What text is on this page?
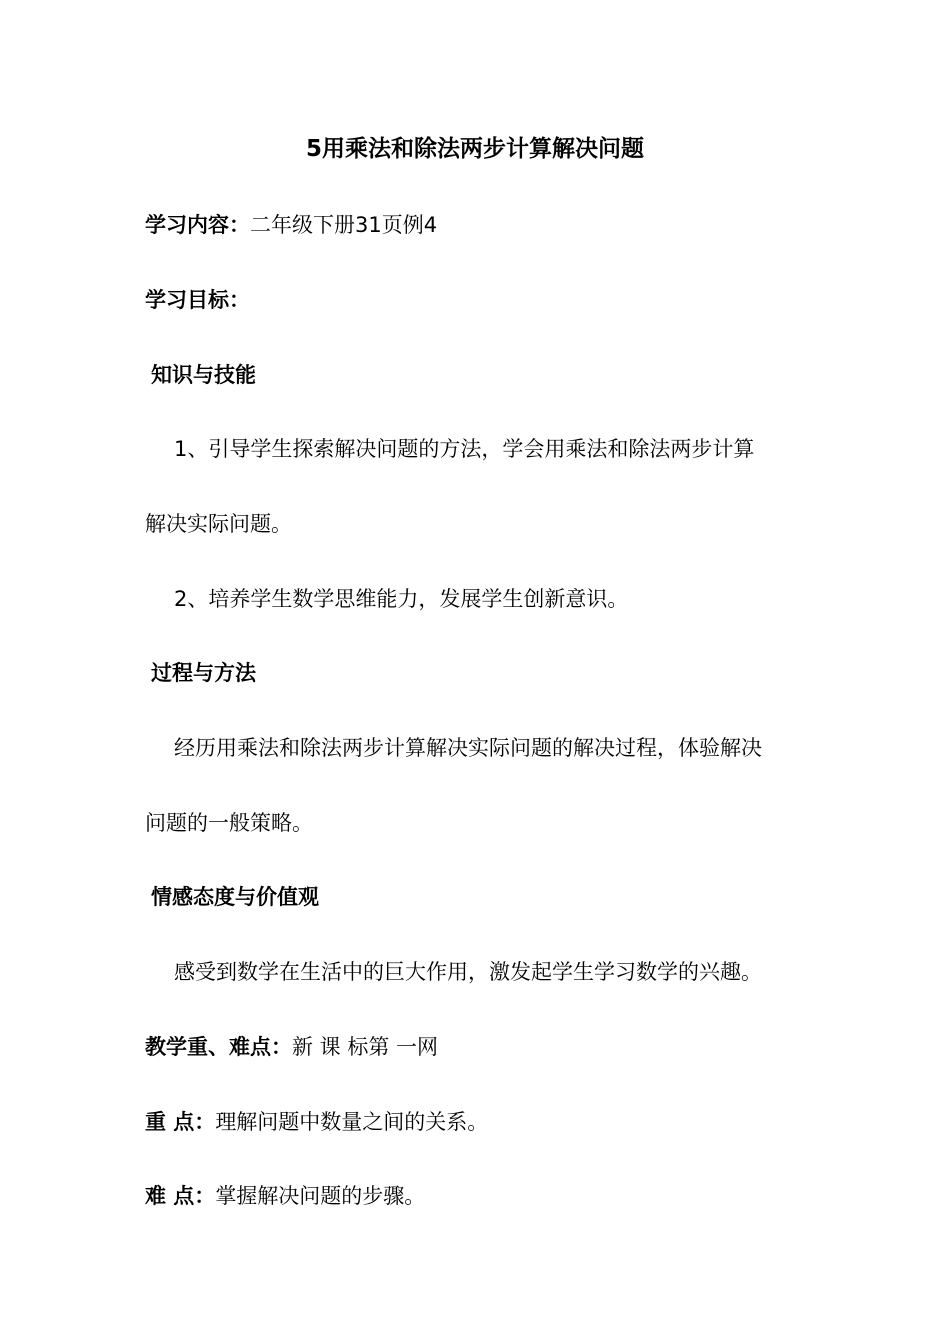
5用乘法和除法两步计算解决问题
学习内容：二年级下册31页例4
学习目标：
知识与技能
1、引导学生探索解决问题的方法，学会用乘法和除法两步计算
解决实际问题。
2、培养学生数学思维能力，发展学生创新意识。
过程与方法
经历用乘法和除法两步计算解决实际问题的解决过程，体验解决
问题的一般策略。
情感态度与价值观
感受到数学在生活中的巨大作用，激发起学生学习数学的兴趣。
教学重、难点：新 课 标第 一网
重 点：理解问题中数量之间的关系。
难 点：掌握解决问题的步骤。
